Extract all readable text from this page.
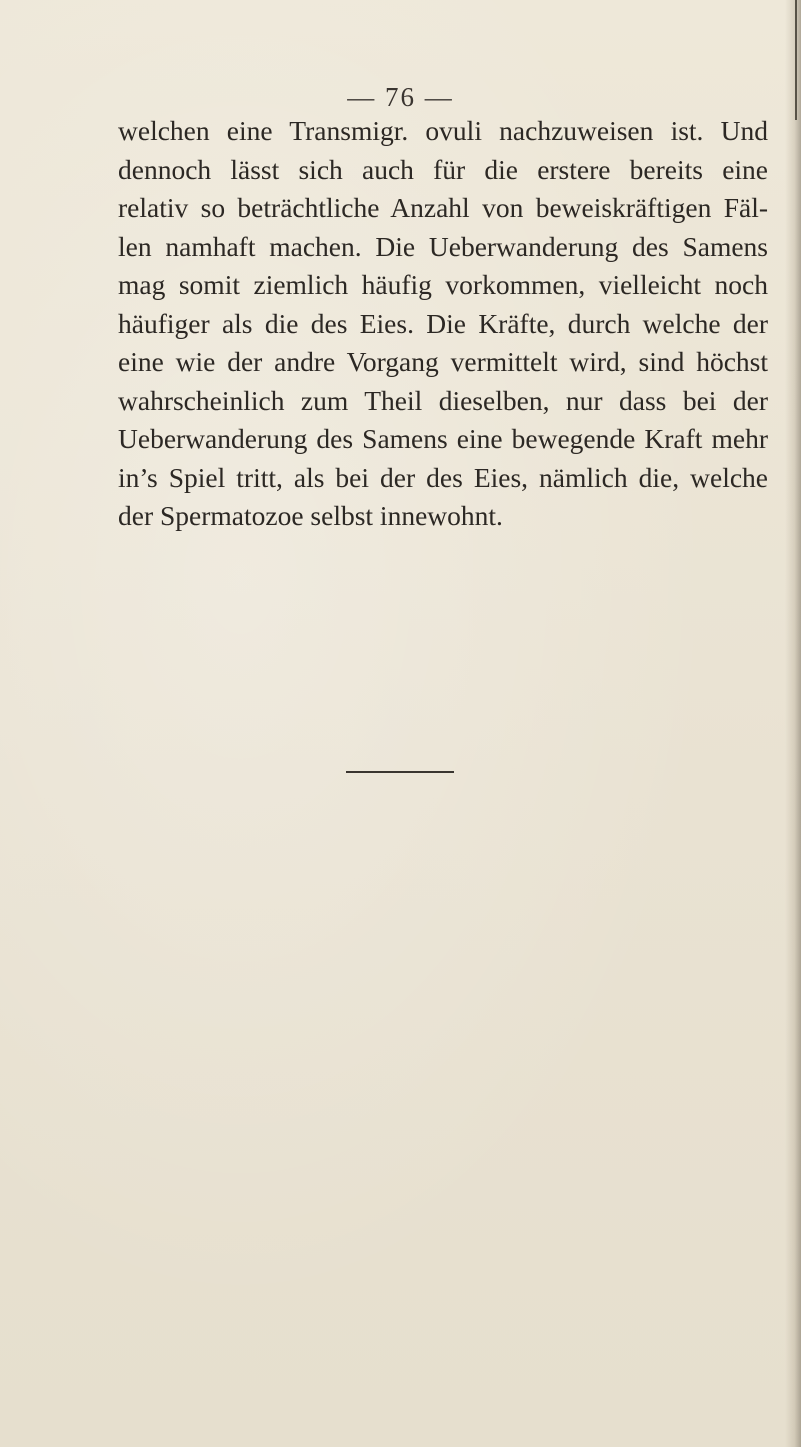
— 76 —
welchen eine Transmigr. ovuli nachzuweisen ist. Und
dennoch lässt sich auch für die erstere bereits eine
relativ so beträchtliche Anzahl von beweiskräftigen Fäl-
len namhaft machen. Die Ueberwanderung des Samens
mag somit ziemlich häufig vorkommen, vielleicht noch
häufiger als die des Eies. Die Kräfte, durch welche der
eine wie der andre Vorgang vermittelt wird, sind höchst
wahrscheinlich zum Theil dieselben, nur dass bei der
Ueberwanderung des Samens eine bewegende Kraft mehr
in’s Spiel tritt, als bei der des Eies, nämlich die, welche
der Spermatozoe selbst innewohnt.
